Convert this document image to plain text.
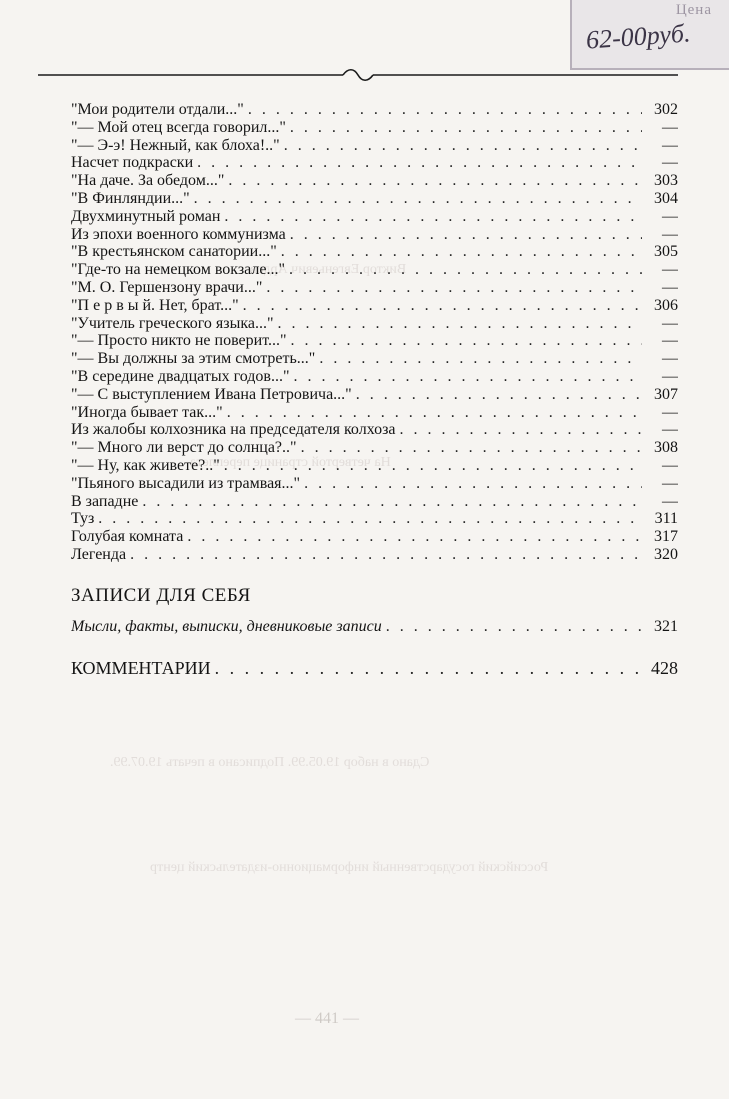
Виктор Евгеньевич Ардов
На четвертой странице переплета
Сдано в набор 19.05.99. Подписано в печать 19.07.99.
Российский государственный информационно-издательский центр
— 441 —
Цена
62-00руб.
"Мои родители отдали..." . . .	302
"— Мой отец всегда говорил..." . . .	—
"— Э-э! Нежный, как блоха!.." . . .	—
Насчет подкраски . . .	—
"На даче. За обедом..." . . .	303
"В Финляндии..." . . .	304
Двухминутный роман . . .	—
Из эпохи военного коммунизма . . .	—
"В крестьянском санатории..." . . .	305
"Где-то на немецком вокзале..." . . .	—
"М. О. Гершензону врачи..." . . .	—
"П е р в ы й. Нет, брат..." . . .	306
"Учитель греческого языка..." . . .	—
"— Просто никто не поверит..." . . .	—
"— Вы должны за этим смотреть..." . . .	—
"В середине двадцатых годов..." . . .	—
"— С выступлением Ивана Петровича..." . . .	307
"Иногда бывает так..." . . .	—
Из жалобы колхозника на председателя колхоза . . .	—
"— Много ли верст до солнца?.." . . .	308
"— Ну, как живете?.." . . .	—
"Пьяного высадили из трамвая..." . . .	—
В западне . . .	—
Туз . . .	311
Голубая комната . . .	317
Легенда . . .	320
ЗАПИСИ ДЛЯ СЕБЯ
Мысли, факты, выписки, дневниковые записи . . .	321
КОММЕНТАРИИ . . .	428
